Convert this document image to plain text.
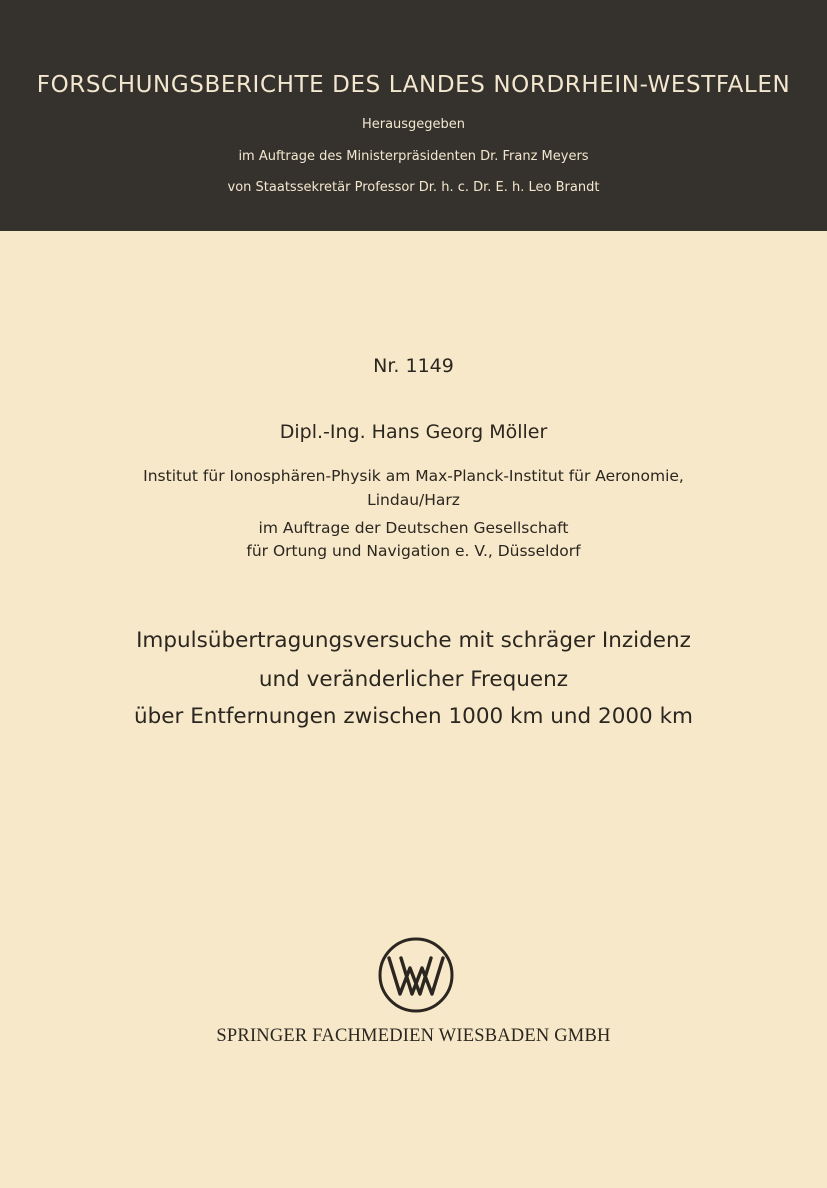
FORSCHUNGSBERICHTE DES LANDES NORDRHEIN-WESTFALEN
Herausgegeben
im Auftrage des Ministerpräsidenten Dr. Franz Meyers
von Staatssekretär Professor Dr. h. c. Dr. E. h. Leo Brandt
Nr. 1149
Dipl.-Ing. Hans Georg Möller
Institut für Ionosphären-Physik am Max-Planck-Institut für Aeronomie,
Lindau/Harz
im Auftrage der Deutschen Gesellschaft
für Ortung und Navigation e. V., Düsseldorf
Impulsübertragungsversuche mit schräger Inzidenz
und veränderlicher Frequenz
über Entfernungen zwischen 1000 km und 2000 km
SPRINGER FACHMEDIEN WIESBADEN GMBH
